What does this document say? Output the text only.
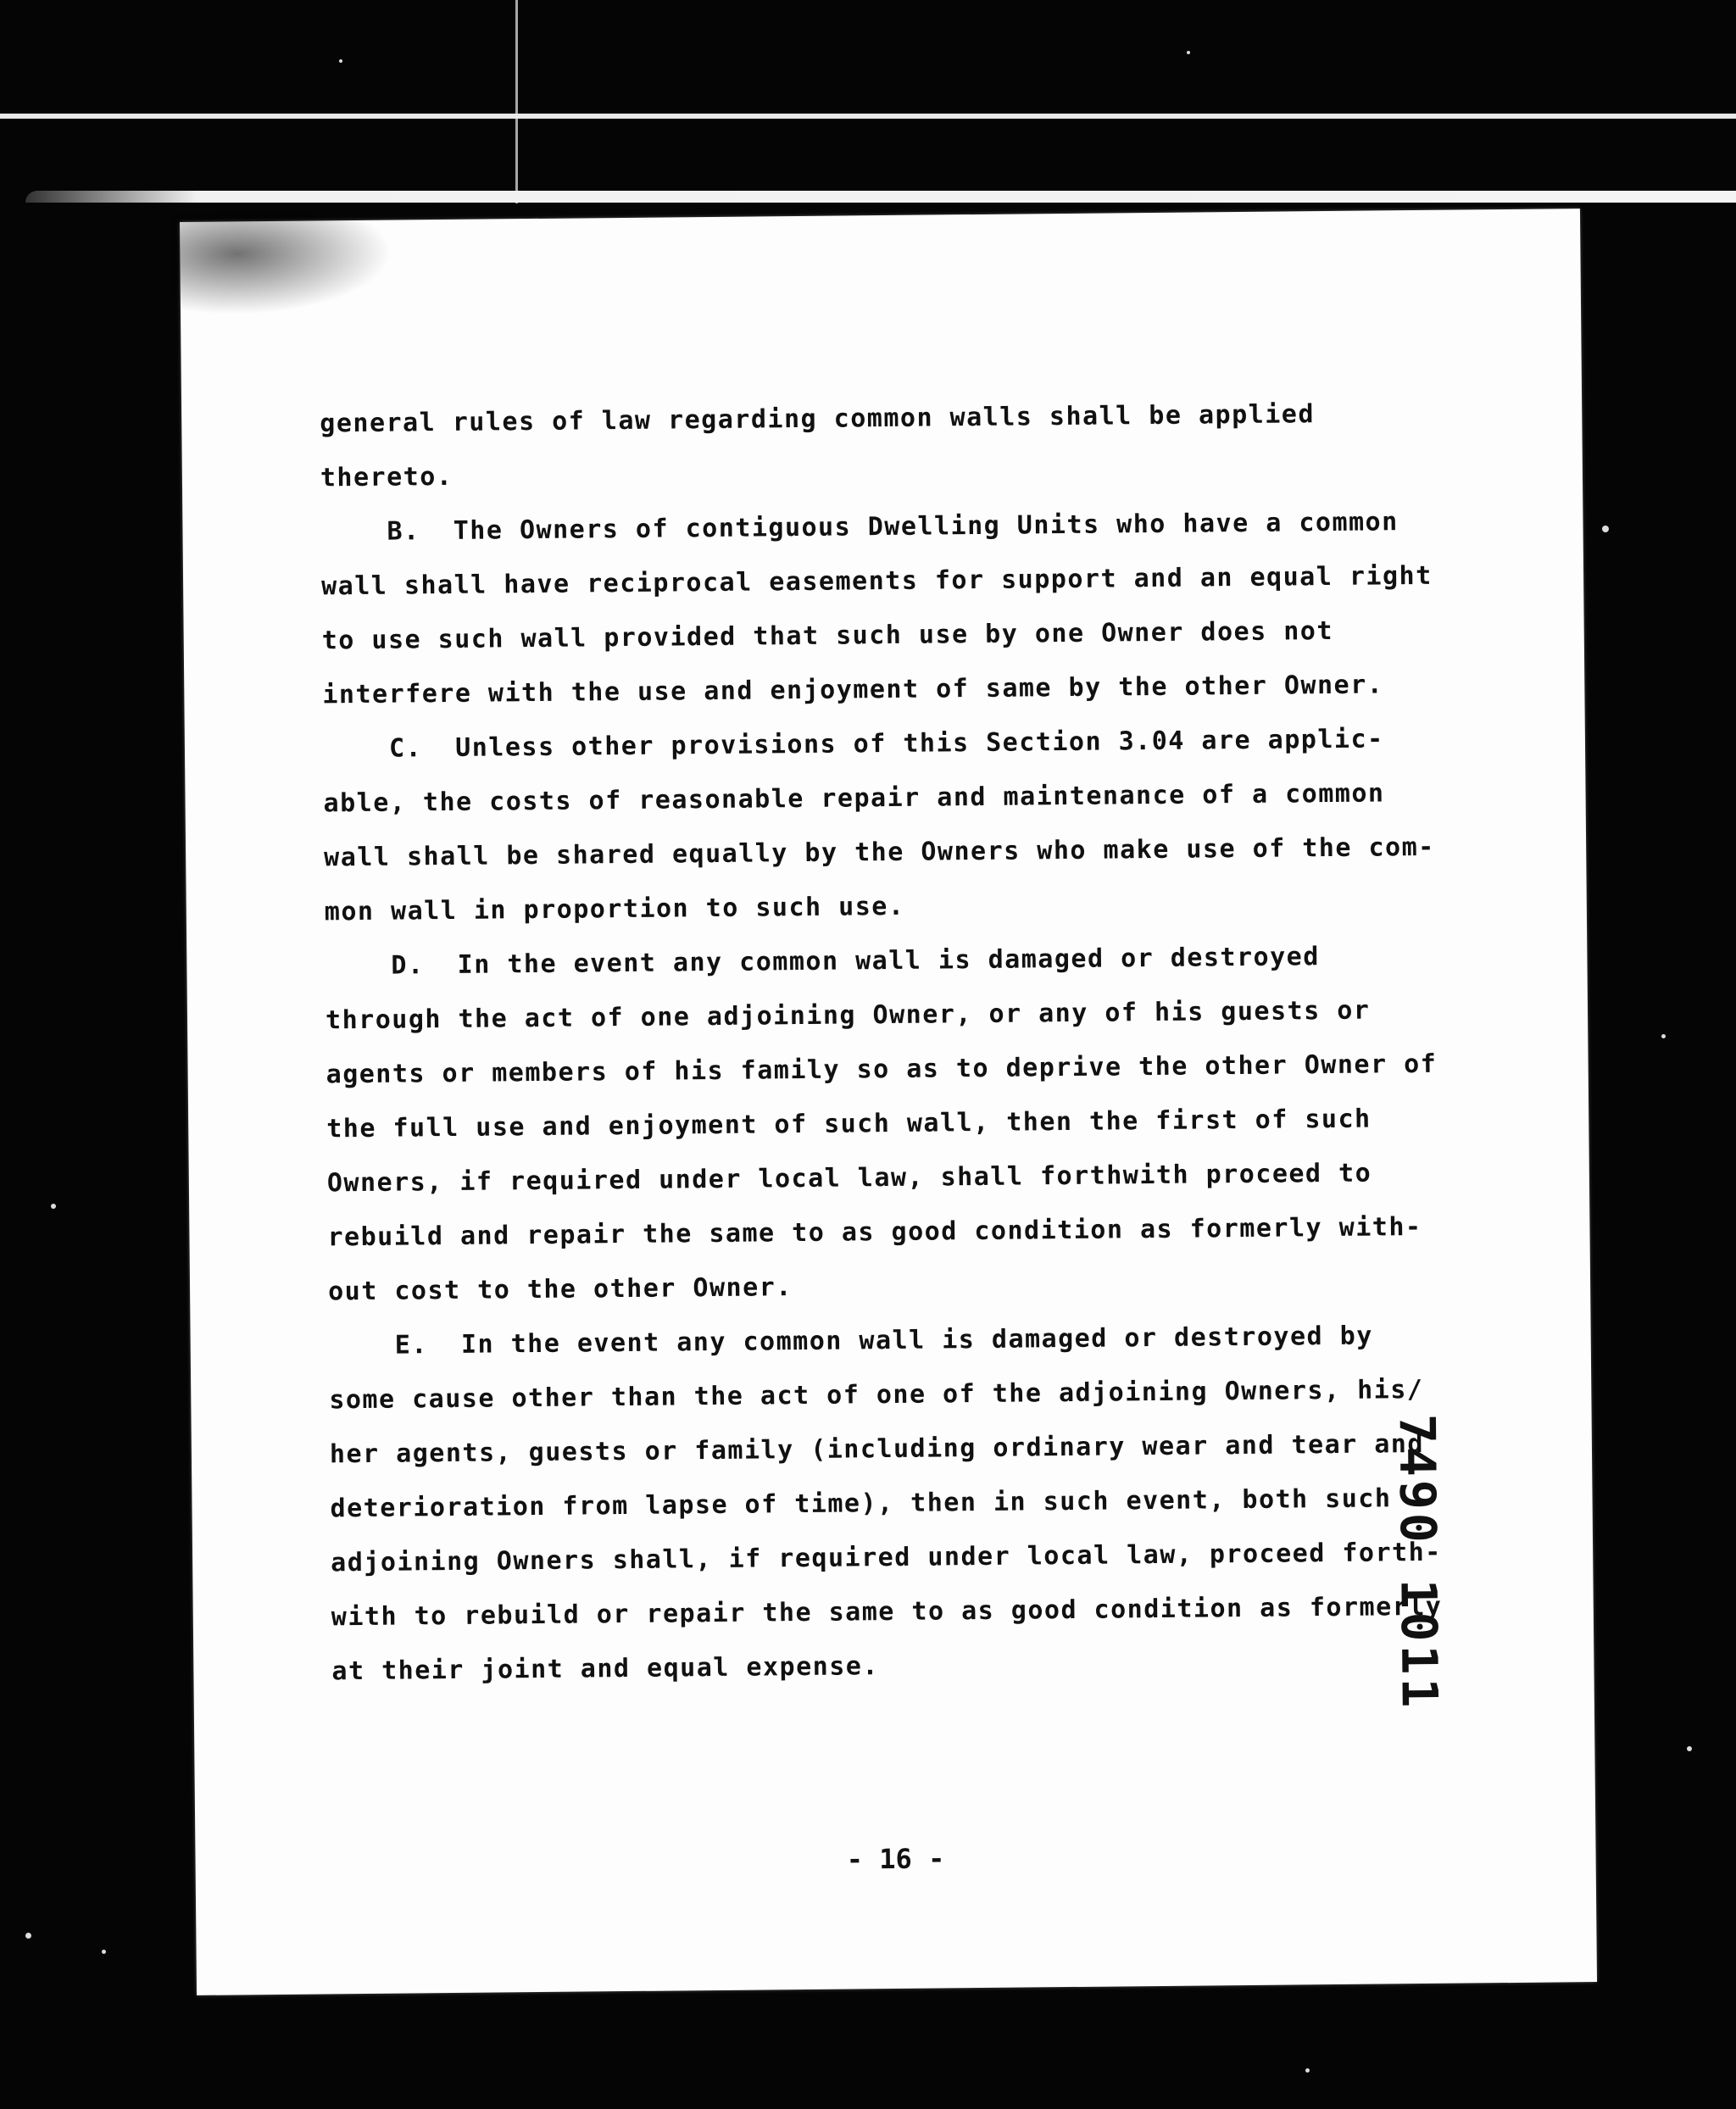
general rules of law regarding common walls shall be applied
thereto.
B.  The Owners of contiguous Dwelling Units who have a common
wall shall have reciprocal easements for support and an equal right
to use such wall provided that such use by one Owner does not
interfere with the use and enjoyment of same by the other Owner.
C.  Unless other provisions of this Section 3.04 are applic-
able, the costs of reasonable repair and maintenance of a common
wall shall be shared equally by the Owners who make use of the com-
mon wall in proportion to such use.
D.  In the event any common wall is damaged or destroyed
through the act of one adjoining Owner, or any of his guests or
agents or members of his family so as to deprive the other Owner of
the full use and enjoyment of such wall, then the first of such
Owners, if required under local law, shall forthwith proceed to
rebuild and repair the same to as good condition as formerly with-
out cost to the other Owner.
E.  In the event any common wall is damaged or destroyed by
some cause other than the act of one of the adjoining Owners, his/
her agents, guests or family (including ordinary wear and tear and
deterioration from lapse of time), then in such event, both such
adjoining Owners shall, if required under local law, proceed forth-
with to rebuild or repair the same to as good condition as formerly
at their joint and equal expense.	7490 1011
- 16 -
